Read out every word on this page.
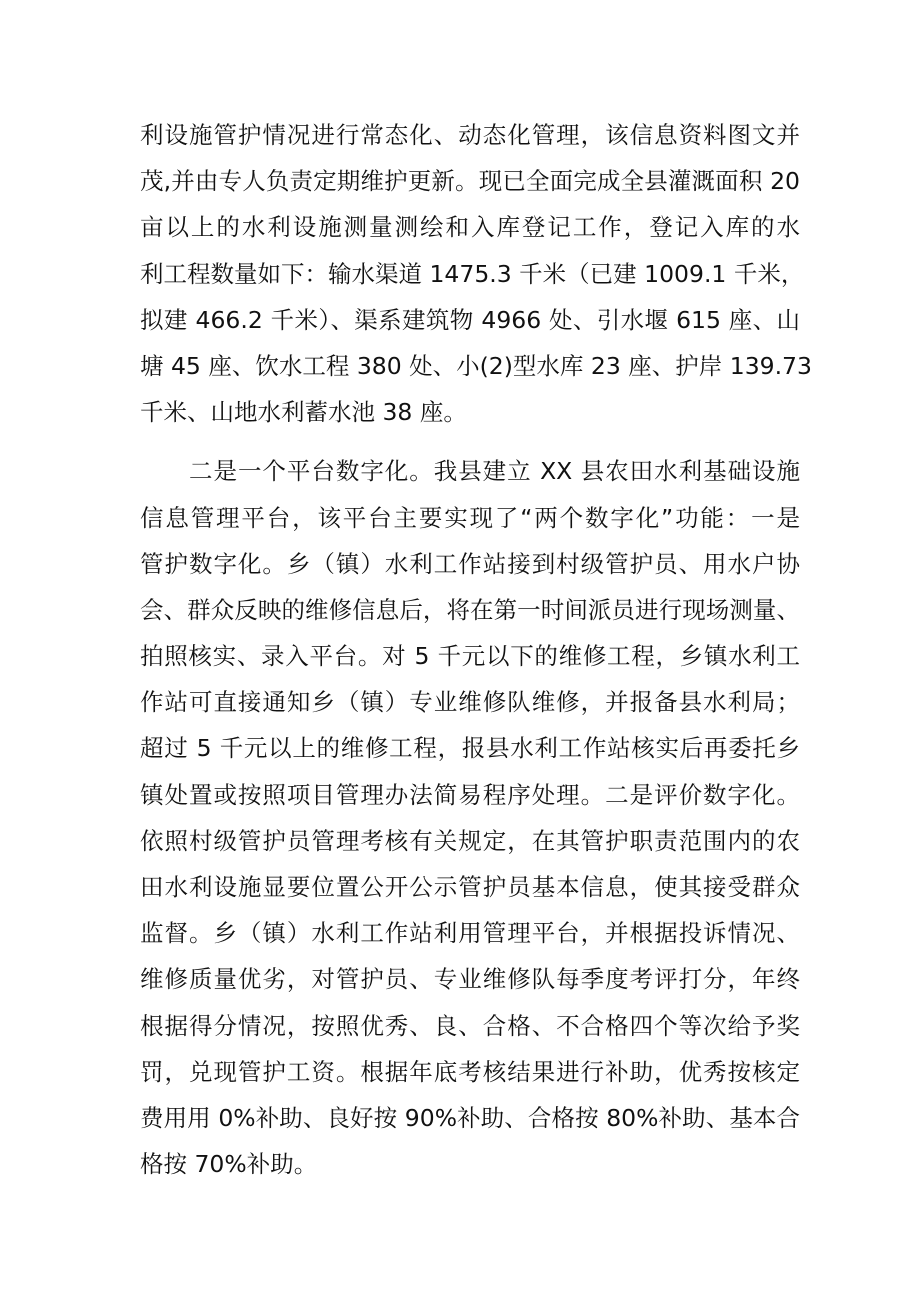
利设施管护情况进行常态化、动态化管理，该信息资料图文并
茂,并由专人负责定期维护更新。现已全面完成全县灌溉面积 20
亩以上的水利设施测量测绘和入库登记工作，登记入库的水
利工程数量如下：输水渠道 1475.3 千米（已建 1009.1 千米，
拟建 466.2 千米）、渠系建筑物 4966 处、引水堰 615 座、山
塘 45 座、饮水工程 380 处、小(2)型水库 23 座、护岸 139.73
千米、山地水利蓄水池 38 座。
二是一个平台数字化。我县建立 XX 县农田水利基础设施
信息管理平台，该平台主要实现了“两个数字化”功能：一是
管护数字化。乡（镇）水利工作站接到村级管护员、用水户协
会、群众反映的维修信息后，将在第一时间派员进行现场测量、
拍照核实、录入平台。对 5 千元以下的维修工程，乡镇水利工
作站可直接通知乡（镇）专业维修队维修，并报备县水利局；
超过 5 千元以上的维修工程，报县水利工作站核实后再委托乡
镇处置或按照项目管理办法简易程序处理。二是评价数字化。
依照村级管护员管理考核有关规定，在其管护职责范围内的农
田水利设施显要位置公开公示管护员基本信息，使其接受群众
监督。乡（镇）水利工作站利用管理平台，并根据投诉情况、
维修质量优劣，对管护员、专业维修队每季度考评打分，年终
根据得分情况，按照优秀、良、合格、不合格四个等次给予奖
罚，兑现管护工资。根据年底考核结果进行补助，优秀按核定
费用用 0%补助、良好按 90%补助、合格按 80%补助、基本合
格按 70%补助。
